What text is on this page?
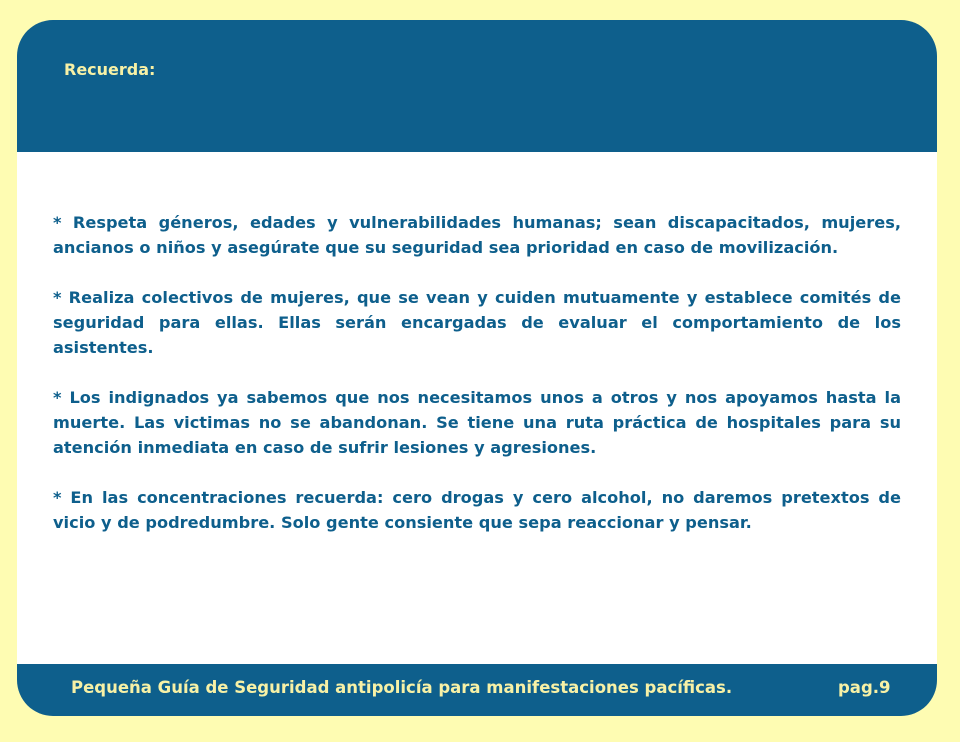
Recuerda:

* Respeta géneros, edades y vulnerabilidades humanas; sean discapacitados, mujeres, ancianos o niños y asegúrate que su seguridad sea prioridad en caso de movilización.

* Realiza colectivos de mujeres, que se vean y cuiden mutuamente y establece comités de seguridad para ellas. Ellas serán encargadas de evaluar el comportamiento de los asistentes.

* Los indignados ya sabemos que nos necesitamos unos a otros y nos apoyamos hasta la muerte. Las victimas no se abandonan. Se tiene una ruta práctica de hospitales para su atención inmediata en caso de sufrir lesiones y agresiones.

* En las concentraciones recuerda: cero drogas y cero alcohol, no daremos pretextos de vicio y de podredumbre. Solo gente consiente que sepa reaccionar y pensar.

Pequeña Guía de Seguridad antipolicía para manifestaciones pacíficas.	pag.9
